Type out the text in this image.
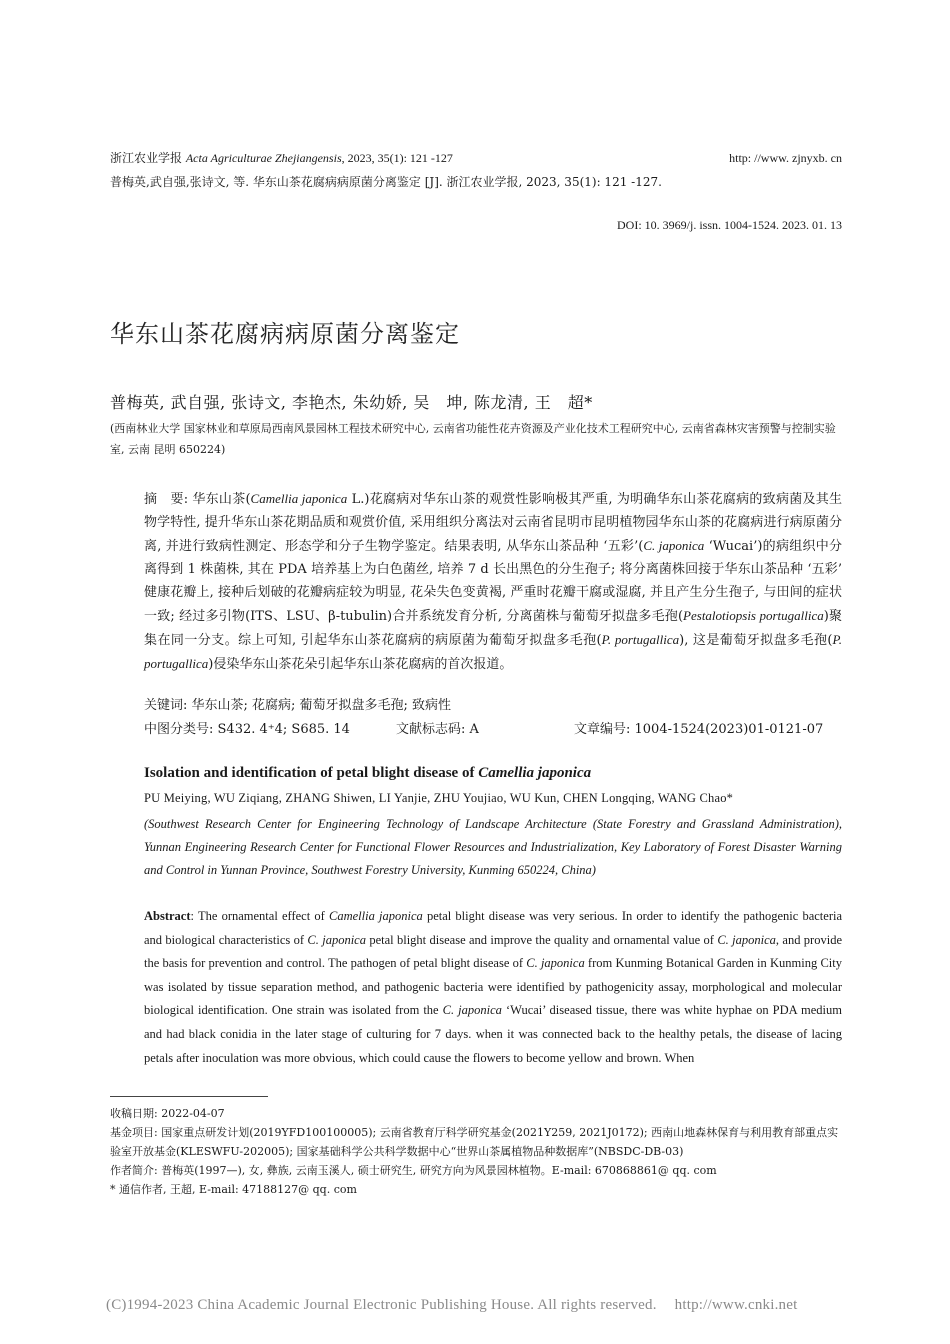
浙江农业学报 Acta Agriculturae Zhejiangensis, 2023, 35(1): 121 -127	http: //www. zjnyxb. cn
普梅英,武自强,张诗文, 等. 华东山茶花腐病病原菌分离鉴定 [J]. 浙江农业学报, 2023, 35(1): 121 -127.
DOI: 10. 3969/j. issn. 1004-1524. 2023. 01. 13
华东山茶花腐病病原菌分离鉴定
普梅英, 武自强, 张诗文, 李艳杰, 朱幼娇, 吴　坤, 陈龙清, 王　超*
(西南林业大学 国家林业和草原局西南风景园林工程技术研究中心, 云南省功能性花卉资源及产业化技术工程研究中心, 云南省森林灾害预警与控制实验室, 云南 昆明 650224)
摘　要: 华东山茶(Camellia japonica L.)花腐病对华东山茶的观赏性影响极其严重, 为明确华东山茶花腐病的致病菌及其生物学特性, 提升华东山茶花期品质和观赏价值, 采用组织分离法对云南省昆明市昆明植物园华东山茶的花腐病进行病原菌分离, 并进行致病性测定、形态学和分子生物学鉴定。结果表明, 从华东山茶品种 ‘五彩’(C. japonica ‘Wucai’)的病组织中分离得到 1 株菌株, 其在 PDA 培养基上为白色菌丝, 培养 7 d 长出黑色的分生孢子; 将分离菌株回接于华东山茶品种 ‘五彩’ 健康花瓣上, 接种后划破的花瓣病症较为明显, 花朵失色变黄褐, 严重时花瓣干腐或湿腐, 并且产生分生孢子, 与田间的症状一致; 经过多引物(ITS、LSU、β-tubulin)合并系统发育分析, 分离菌株与葡萄牙拟盘多毛孢(Pestalotiopsis portugallica)聚集在同一分支。综上可知, 引起华东山茶花腐病的病原菌为葡萄牙拟盘多毛孢(P. portugallica), 这是葡萄牙拟盘多毛孢(P. portugallica)侵染华东山茶花朵引起华东山茶花腐病的首次报道。
关键词: 华东山茶; 花腐病; 葡萄牙拟盘多毛孢; 致病性
中图分类号: S432. 4⁺4; S685. 14	文献标志码: A	文章编号: 1004-1524(2023)01-0121-07
Isolation and identification of petal blight disease of Camellia japonica
PU Meiying, WU Ziqiang, ZHANG Shiwen, LI Yanjie, ZHU Youjiao, WU Kun, CHEN Longqing, WANG Chao*
(Southwest Research Center for Engineering Technology of Landscape Architecture (State Forestry and Grassland Administration), Yunnan Engineering Research Center for Functional Flower Resources and Industrialization, Key Laboratory of Forest Disaster Warning and Control in Yunnan Province, Southwest Forestry University, Kunming 650224, China)
Abstract: The ornamental effect of Camellia japonica petal blight disease was very serious. In order to identify the pathogenic bacteria and biological characteristics of C. japonica petal blight disease and improve the quality and ornamental value of C. japonica, and provide the basis for prevention and control. The pathogen of petal blight disease of C. japonica from Kunming Botanical Garden in Kunming City was isolated by tissue separation method, and pathogenic bacteria were identified by pathogenicity assay, morphological and molecular biological identification. One strain was isolated from the C. japonica ‘Wucai’ diseased tissue, there was white hyphae on PDA medium and had black conidia in the later stage of culturing for 7 days. when it was connected back to the healthy petals, the disease of lacing petals after inoculation was more obvious, which could cause the flowers to become yellow and brown. When
收稿日期: 2022-04-07
基金项目: 国家重点研发计划(2019YFD100100005); 云南省教育厅科学研究基金(2021Y259, 2021J0172); 西南山地森林保育与利用教育部重点实验室开放基金(KLESWFU-202005); 国家基础科学公共科学数据中心“世界山茶属植物品种数据库”(NBSDC-DB-03)
作者简介: 普梅英(1997—), 女, 彝族, 云南玉溪人, 硕士研究生, 研究方向为风景园林植物。E-mail: 670868861@ qq. com
* 通信作者, 王超, E-mail: 47188127@ qq. com
(C)1994-2023 China Academic Journal Electronic Publishing House. All rights reserved. http://www.cnki.net
